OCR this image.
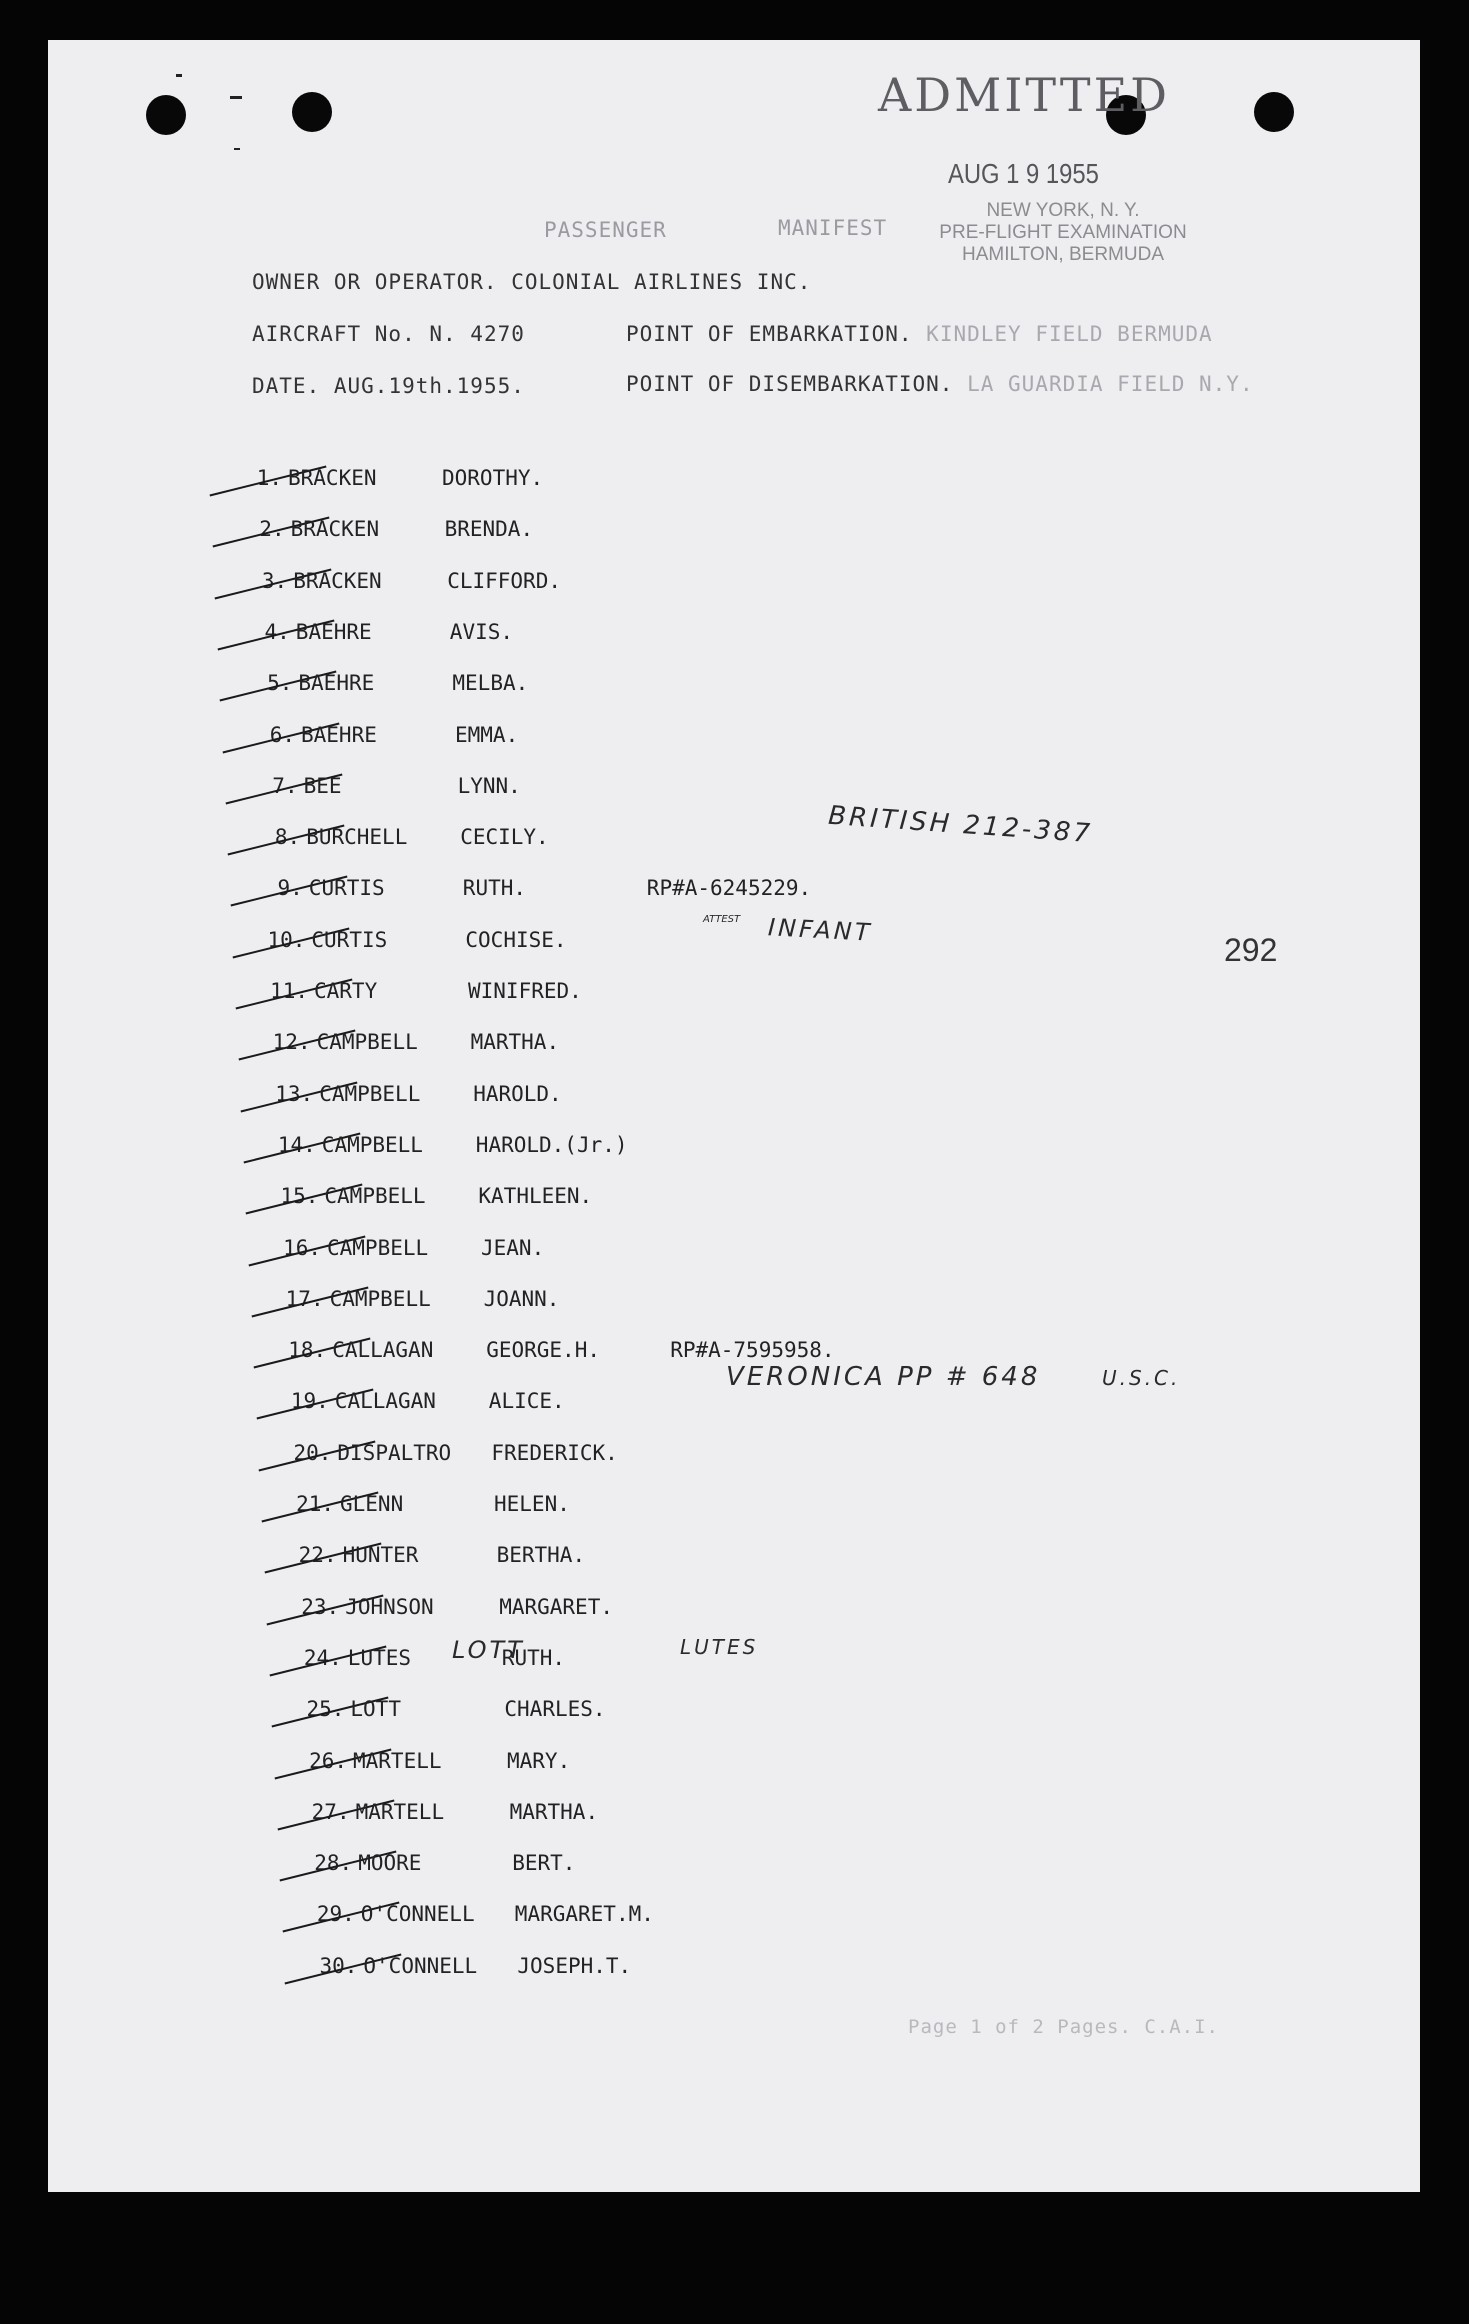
ADMITTED
AUG 1 9 1955
NEW YORK, N. Y.
PRE-FLIGHT EXAMINATION
HAMILTON, BERMUDA
PASSENGER	MANIFEST
OWNER OR OPERATOR. COLONIAL AIRLINES INC.
AIRCRAFT No. N. 4270	POINT OF EMBARKATION. KINDLEY FIELD BERMUDA
DATE. AUG.19th.1955.	POINT OF DISEMBARKATION. LA GUARDIA FIELD N.Y.
1. BRACKEN	DOROTHY.
2. BRACKEN	BRENDA.
3. BRACKEN	CLIFFORD.
4. BAEHRE	AVIS.
5. BAEHRE	MELBA.
6. BAEHRE	EMMA.
7. BEE	LYNN.
8. BURCHELL	CECILY.
9. CURTIS	RUTH.	RP#A-6245229.
10. CURTIS	COCHISE.
11. CARTY	WINIFRED.
12. CAMPBELL	MARTHA.
13. CAMPBELL	HAROLD.
14. CAMPBELL	HAROLD.(Jr.)
15. CAMPBELL	KATHLEEN.
16. CAMPBELL	JEAN.
17. CAMPBELL	JOANN.
18. CALLAGAN	GEORGE.H.	RP#A-7595958.
19. CALLAGAN	ALICE.
20. DISPALTRO FREDERICK.
21. GLENN	HELEN.
22. HUNTER	BERTHA.
23. JOHNSON	MARGARET.
24. LUTES	RUTH.
25. LOTT	CHARLES.
26. MARTELL	MARY.
27. MARTELL	MARTHA.
28. MOORE	BERT.
29. O'CONNELL MARGARET.M.
30. O'CONNELL JOSEPH.T.
BRITISH 212-387
ATTEST INFANT
VERONICA PP # 648	U.S.C.
LOTT	LUTES
292
Page 1 of 2 Pages. C.A.I.
